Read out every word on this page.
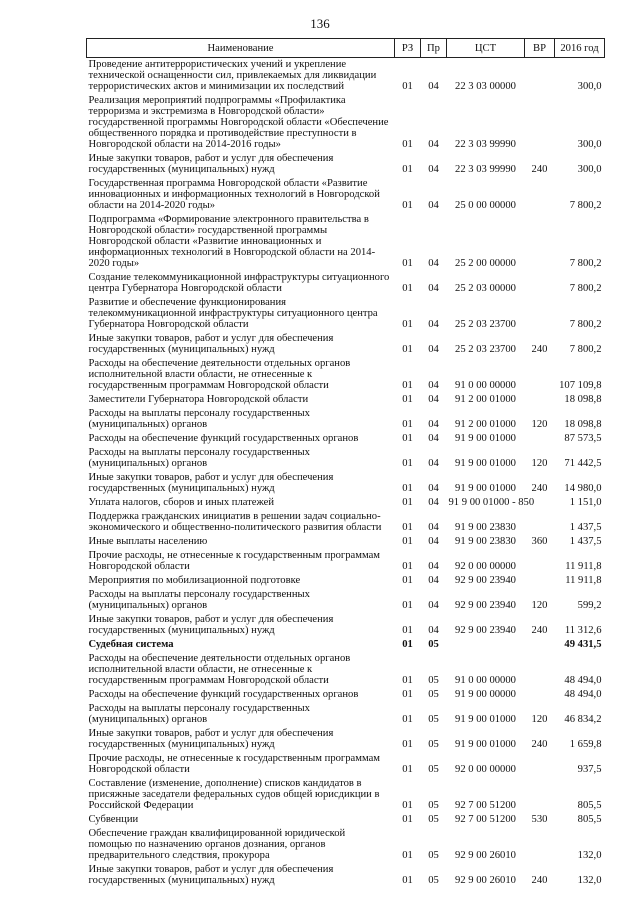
136
Наименование	РЗ	Пр	ЦСТ	ВР	2016 год
Проведение антитеррористических учений и укрепление технической оснащенности сил, привлекаемых для ликвидации террористических актов и минимизации их последствий	01	04	22 3 03 00000		300,0
Реализация мероприятий подпрограммы «Профилактика терроризма и экстремизма в Новгородской области» государственной программы Новгородской области «Обеспечение общественного порядка и противодействие преступности в Новгородской области на 2014-2016 годы»	01	04	22 3 03 99990		300,0
Иные закупки товаров, работ и услуг для обеспечения государственных (муниципальных) нужд	01	04	22 3 03 99990	240	300,0
Государственная программа Новгородской области «Развитие инновационных и информационных технологий в Новгородской области на 2014-2020 годы»	01	04	25 0 00 00000		7 800,2
Подпрограмма «Формирование электронного правительства в Новгородской области» государственной программы Новгородской области «Развитие инновационных и информационных технологий в Новгородской области на 2014-2020 годы»	01	04	25 2 00 00000		7 800,2
Создание телекоммуникационной инфраструктуры ситуационного центра Губернатора Новгородской области	01	04	25 2 03 00000		7 800,2
Развитие и обеспечение функционирования телекоммуникационной инфраструктуры ситуационного центра Губернатора Новгородской области	01	04	25 2 03 23700		7 800,2
Иные закупки товаров, работ и услуг для обеспечения государственных (муниципальных) нужд	01	04	25 2 03 23700	240	7 800,2
Расходы на обеспечение деятельности отдельных органов исполнительной власти области, не отнесенные к государственным программам Новгородской области	01	04	91 0 00 00000		107 109,8
Заместители Губернатора Новгородской области	01	04	91 2 00 01000		18 098,8
Расходы на выплаты персоналу государственных (муниципальных) органов	01	04	91 2 00 01000	120	18 098,8
Расходы на обеспечение функций государственных органов	01	04	91 9 00 01000		87 573,5
Расходы на выплаты персоналу государственных (муниципальных) органов	01	04	91 9 00 01000	120	71 442,5
Иные закупки товаров, работ и услуг для обеспечения государственных (муниципальных) нужд	01	04	91 9 00 01000	240	14 980,0
Уплата налогов, сборов и иных платежей	01	04	91 9 00 01000 - 850		1 151,0
Поддержка гражданских инициатив в решении задач социально-экономического и общественно-политического развития области	01	04	91 9 00 23830		1 437,5
Иные выплаты населению	01	04	91 9 00 23830	360	1 437,5
Прочие расходы, не отнесенные к государственным программам Новгородской области	01	04	92 0 00 00000		11 911,8
Мероприятия по мобилизационной подготовке	01	04	92 9 00 23940		11 911,8
Расходы на выплаты персоналу государственных (муниципальных) органов	01	04	92 9 00 23940	120	599,2
Иные закупки товаров, работ и услуг для обеспечения государственных (муниципальных) нужд	01	04	92 9 00 23940	240	11 312,6
Судебная система	01	05			49 431,5
Расходы на обеспечение деятельности отдельных органов исполнительной власти области, не отнесенные к государственным программам Новгородской области	01	05	91 0 00 00000		48 494,0
Расходы на обеспечение функций государственных органов	01	05	91 9 00 00000		48 494,0
Расходы на выплаты персоналу государственных (муниципальных) органов	01	05	91 9 00 01000	120	46 834,2
Иные закупки товаров, работ и услуг для обеспечения государственных (муниципальных) нужд	01	05	91 9 00 01000	240	1 659,8
Прочие расходы, не отнесенные к государственным программам Новгородской области	01	05	92 0 00 00000		937,5
Составление (изменение, дополнение) списков кандидатов в присяжные заседатели федеральных судов общей юрисдикции в Российской Федерации	01	05	92 7 00 51200		805,5
Субвенции	01	05	92 7 00 51200	530	805,5
Обеспечение граждан квалифицированной юридической помощью по назначению органов дознания, органов предварительного следствия, прокурора	01	05	92 9 00 26010		132,0
Иные закупки товаров, работ и услуг для обеспечения государственных (муниципальных) нужд	01	05	92 9 00 26010	240	132,0
